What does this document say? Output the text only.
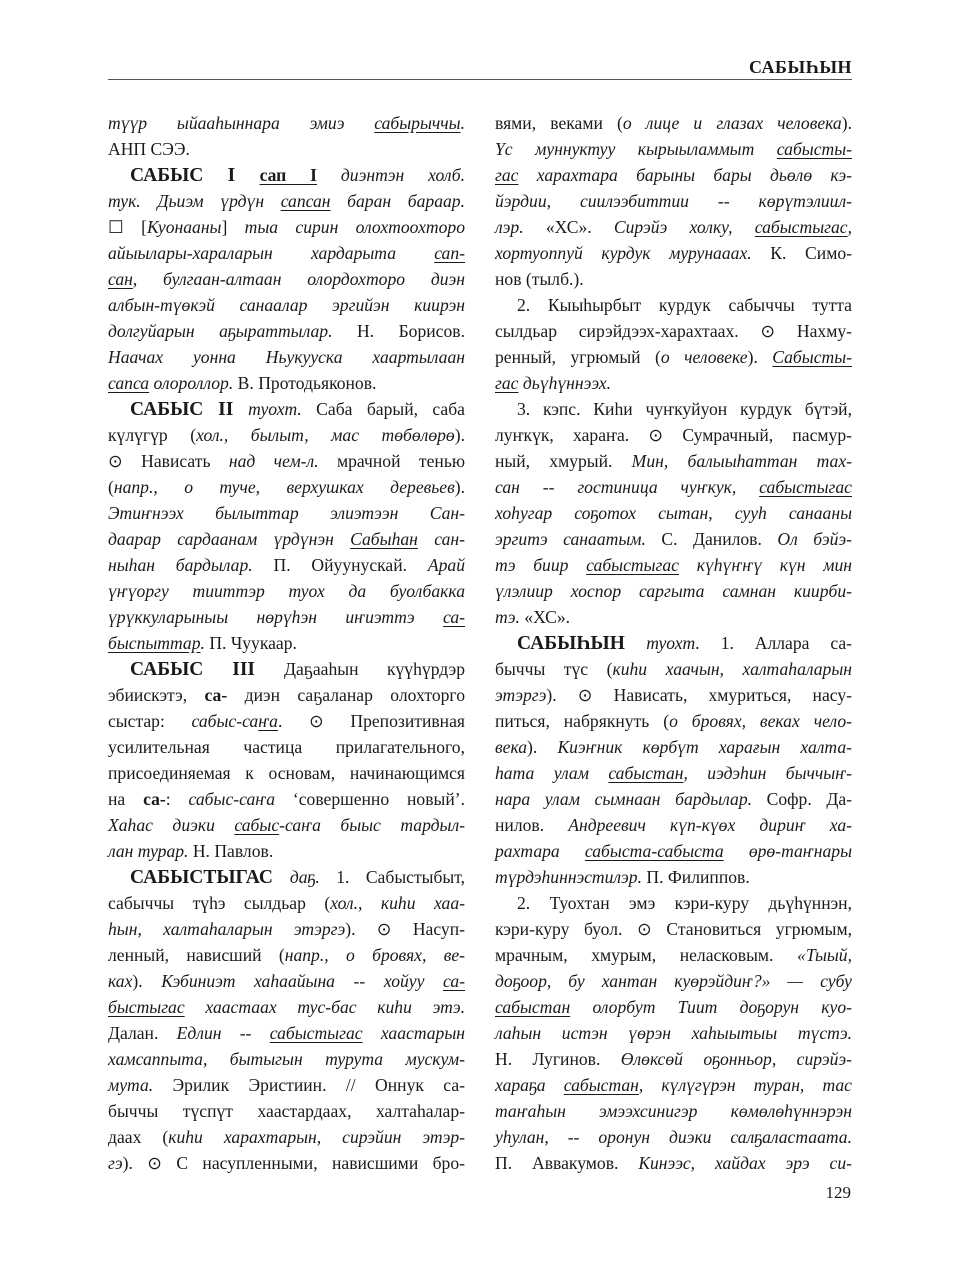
САБЫҺЫН
түүр ыйааһыннара эмиэ сабырыччы.
АНП СЭЭ.
САБЫС I сап I диэнтэн холб.
тук. Дьиэм үрдүн сапсан баран бараар.
☐ [Куонааны] тыа сирин олохтоохторо
айыылары-хараларын хардарыта сап-
сан, булгаан-алтаан олордохторо диэн
албын-түөкэй санаалар эргийэн киирэн
долгуйарын аҕыраттылар. Н. Борисов.
Наачах уонна Ньукууска хаартылаан
сапса олороллор. В. Протодьяконов.
САБЫС II туохт. Саба барый, саба
күлүгүр (хол., былыт, мас төбөлөрө).
⊙ Нависать над чем-л. мрачной тенью
(напр., о туче, верхушках деревьев).
Этиҥнээх былыттар элиэтээн Сан-
даарар сардаанам үрдүнэн Сабыһан сан-
ныһан бардылар. П. Ойуунускай. Арай
үҥүоргу тииттэр туох да буолбакка
үрүккуларыныы нөрүһэн иҥиэттэ са-
быспыттар. П. Чуукаар.
САБЫС III Даҕааһын күүһүрдэр
эбиискэтэ, са- диэн саҕаланар олохторго
сыстар: сабыс-саҥа. ⊙ Препозитивная
усилительная частица прилагательного,
присоединяемая к основам, начинающимся
на са-: сабыс-саҥа ‘совершенно новый’.
Хаһас диэки сабыс-саҥа быыс тардыл-
лан турар. Н. Павлов.
САБЫСТЫГАС даҕ. 1. Сабыстыбыт,
сабыччы түһэ сылдьар (хол., киһи хаа-
һын, халтаһаларын этэргэ). ⊙ Насуп-
ленный, нависший (напр., о бровях, ве-
ках). Кэбиниэт хаһаайына -- хойуу са-
быстыгас хаастаах тус-бас киһи этэ.
Далан. Едлин -- сабыстыгас хаастарын
хамсаппыта, бытыгын турута мускум-
мута. Эрилик Эристиин. // Оннук са-
быччы түспүт хаастардаах, халтаһалар-
даах (киһи харахтарын, сирэйин этэр-
гэ). ⊙ С насупленными, нависшими бро-
вями, веками (о лице и глазах человека).
Үс муннуктуу кырыыламмыт сабысты-
гас харахтара барыны бары дьөлө кэ-
йэрдии, сиилээбиттии -- көрүтэлиил-
лэр. «ХС». Сирэйэ холку, сабыстыгас,
хортуоппуй курдук мурунааах. К. Симо-
нов (тылб.).
2. Кыыһырбыт курдук сабыччы тутта
сылдьар сирэйдээх-харахтаах. ⊙ Нахму-
ренный, угрюмый (о человеке). Сабысты-
гас дьүһүннээх.
3. кэпс. Киһи чуҥкуйуон курдук бүтэй,
луҥкүк, хараҥа. ⊙ Сумрачный, пасмур-
ный, хмурый. Мин, балыыһаттан тах-
сан -- гостиница чуҥкук, сабыстыгас
хоһугар соҕотох сытан, сууһ санааны
эргитэ санаатым. С. Данилов. Ол бэйэ-
тэ биир сабыстыгас күһүҥҥү күн мин
үлэлиир хоспор саргыта самнан киирби-
тэ. «ХС».
САБЫҺЫН туохт. 1. Аллара са-
быччы түс (киһи хаачын, халтаһаларын
этэргэ). ⊙ Нависать, хмуриться, насу-
питься, набрякнуть (о бровях, веках чело-
века). Киэҥник көрбүт харағын халта-
һата улам сабыстан, иэдэһин быччыҥ-
нара улам сымнаан бардылар. Софр. Да-
нилов. Андреевич күп-күөх дириҥ ха-
рахтара сабыста-сабыста өрө-таҥнары
түрдэһиннэстилэр. П. Филиппов.
2. Туохтан эмэ кэри-куру дьүһүннэн,
кэри-куру буол. ⊙ Становиться угрюмым,
мрачным, хмурым, неласковым. «Тыый,
доҕоор, бу хантан куөрэйдиҥ?» — субу
сабыстан олорбут Тиит доҕорун куо-
лаһын истэн үөрэн хаһыытыы түстэ.
Н. Лугинов. Өлөксөй оҕонньор, сирэйэ-
хараҕа сабыстан, күлүгүрэн туран, тас
таҥаһын эмээхсинигэр көмөлөһүннэрэн
уһулан, -- оронун диэки салҕаластаата.
П. Аввакумов. Кинээс, хайдах эрэ си-
129
